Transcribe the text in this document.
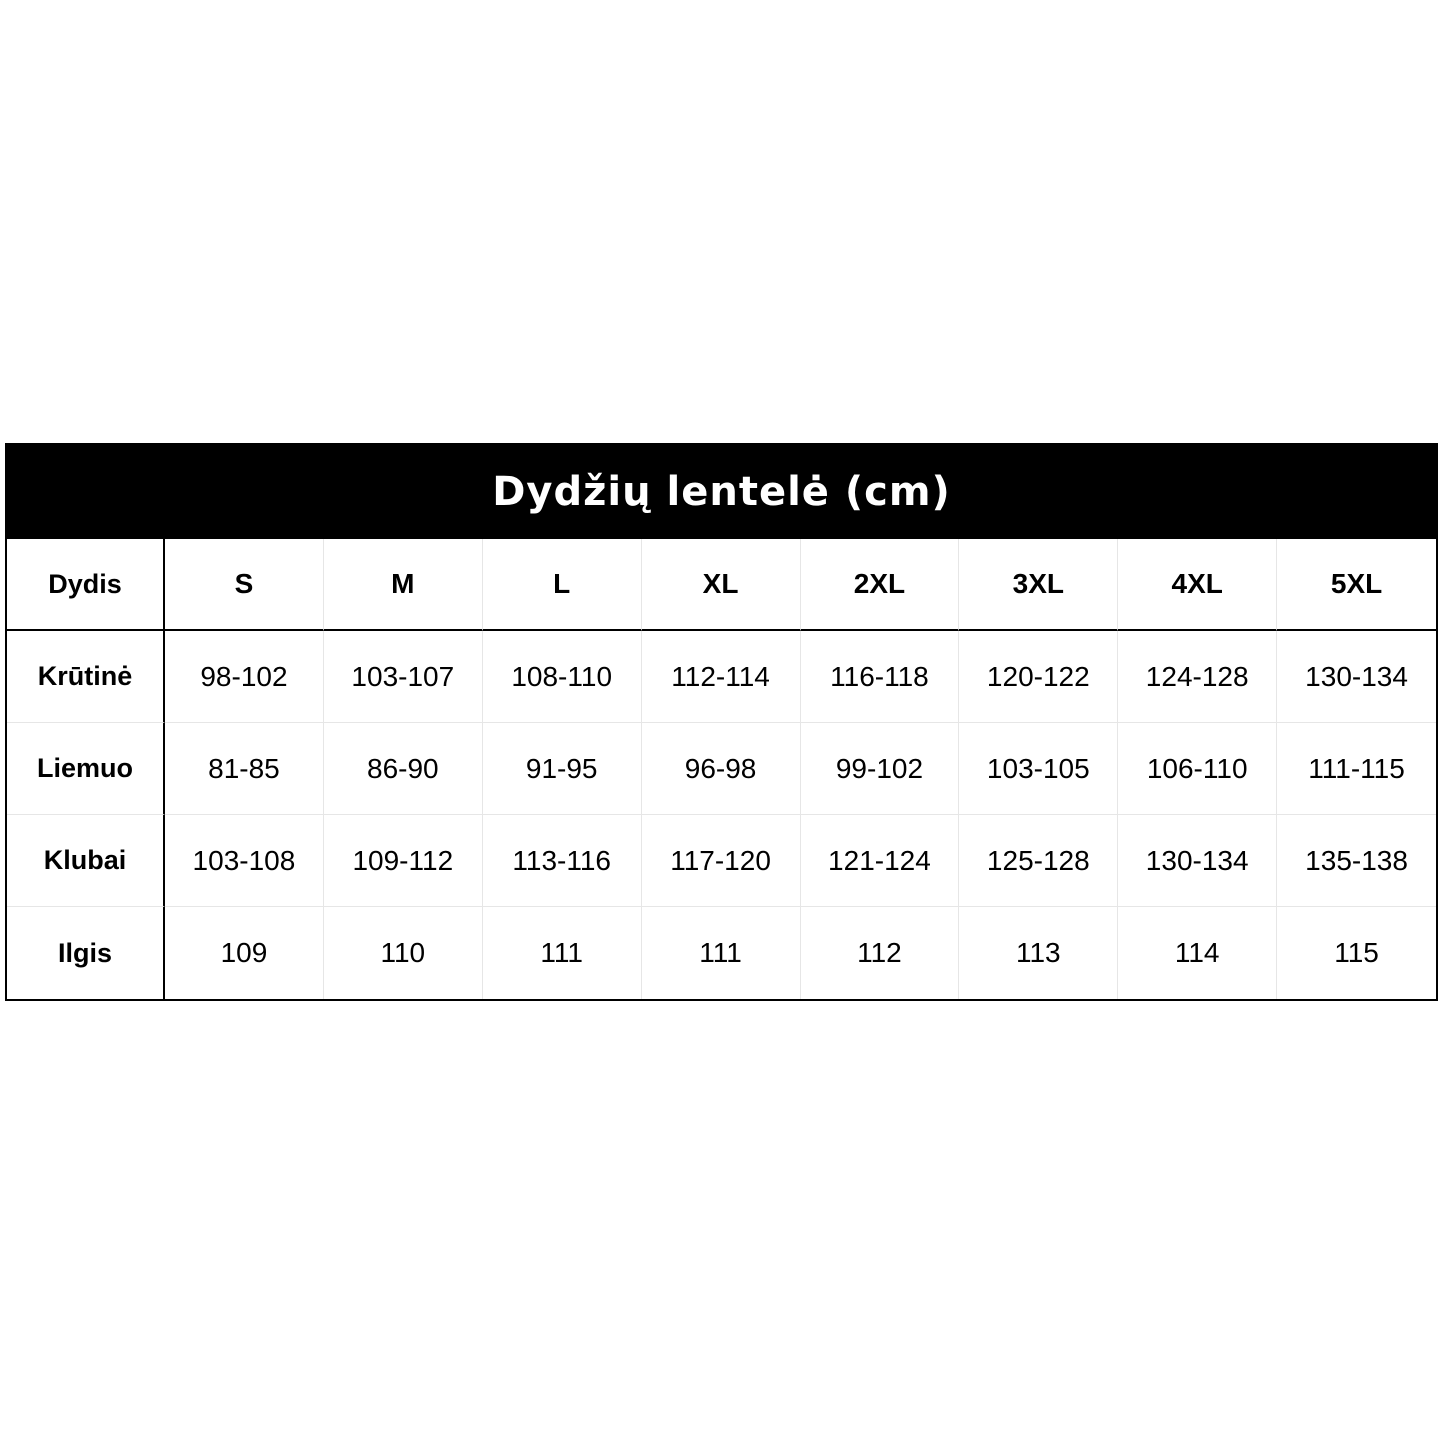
Dydžių lentelė (cm)
Dydis	S	M	L	XL	2XL	3XL	4XL	5XL
Krūtinė	98-102	103-107	108-110	112-114	116-118	120-122	124-128	130-134
Liemuo	81-85	86-90	91-95	96-98	99-102	103-105	106-110	111-115
Klubai	103-108	109-112	113-116	117-120	121-124	125-128	130-134	135-138
Ilgis	109	110	111	111	112	113	114	115
